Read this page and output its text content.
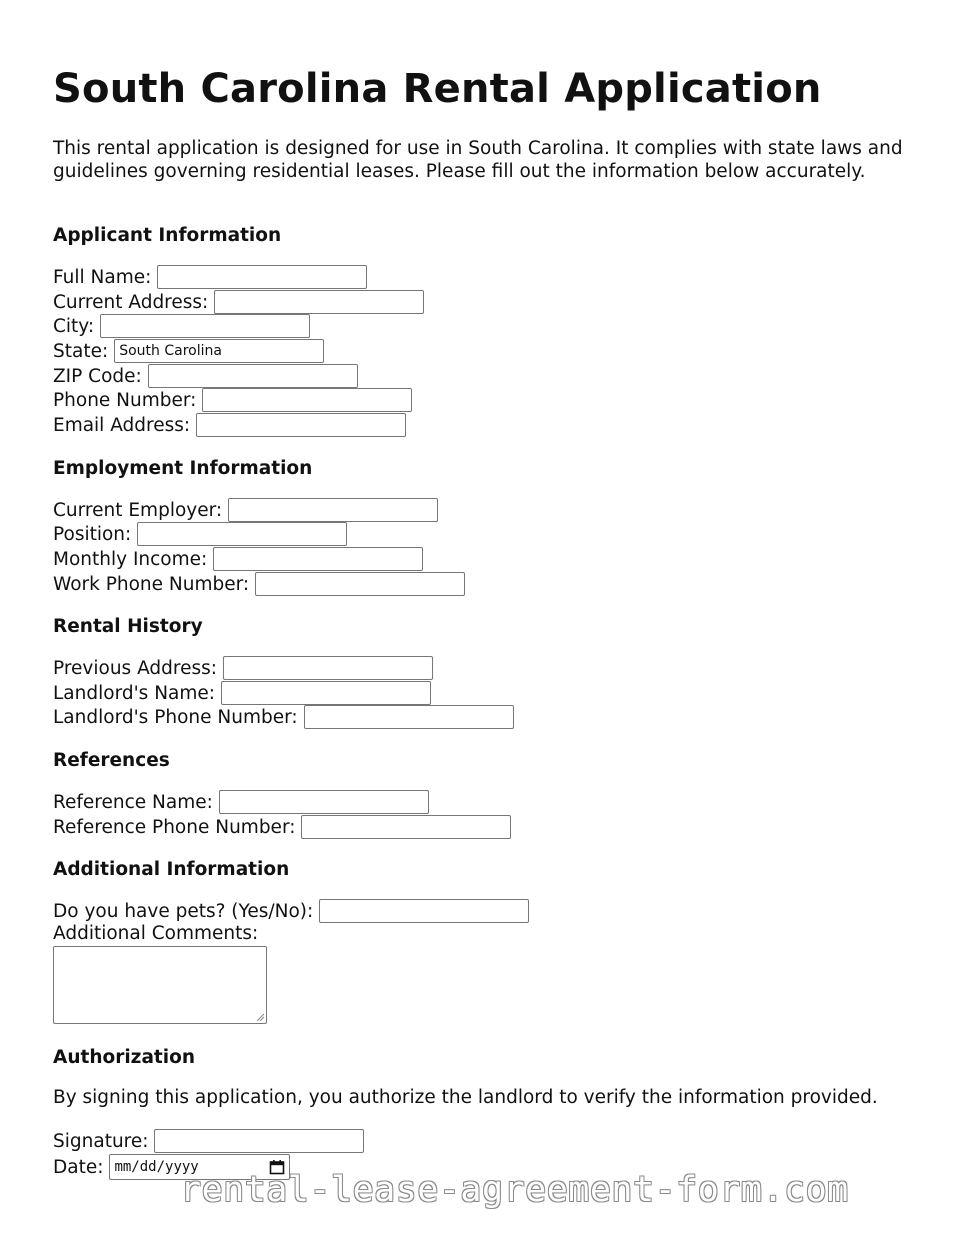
South Carolina Rental Application

This rental application is designed for use in South Carolina. It complies with state laws and guidelines governing residential leases. Please fill out the information below accurately.

Applicant Information
Full Name:
Current Address:
City:
State: South Carolina
ZIP Code:
Phone Number:
Email Address:
Employment Information
Current Employer:
Position:
Monthly Income:
Work Phone Number:
Rental History
Previous Address:
Landlord's Name:
Landlord's Phone Number:
References
Reference Name:
Reference Phone Number:
Additional Information
Do you have pets? (Yes/No):
Additional Comments:
Authorization
By signing this application, you authorize the landlord to verify the information provided.
Signature:
Date: mm/dd/yyyy
rental-lease-agreement-form.com
